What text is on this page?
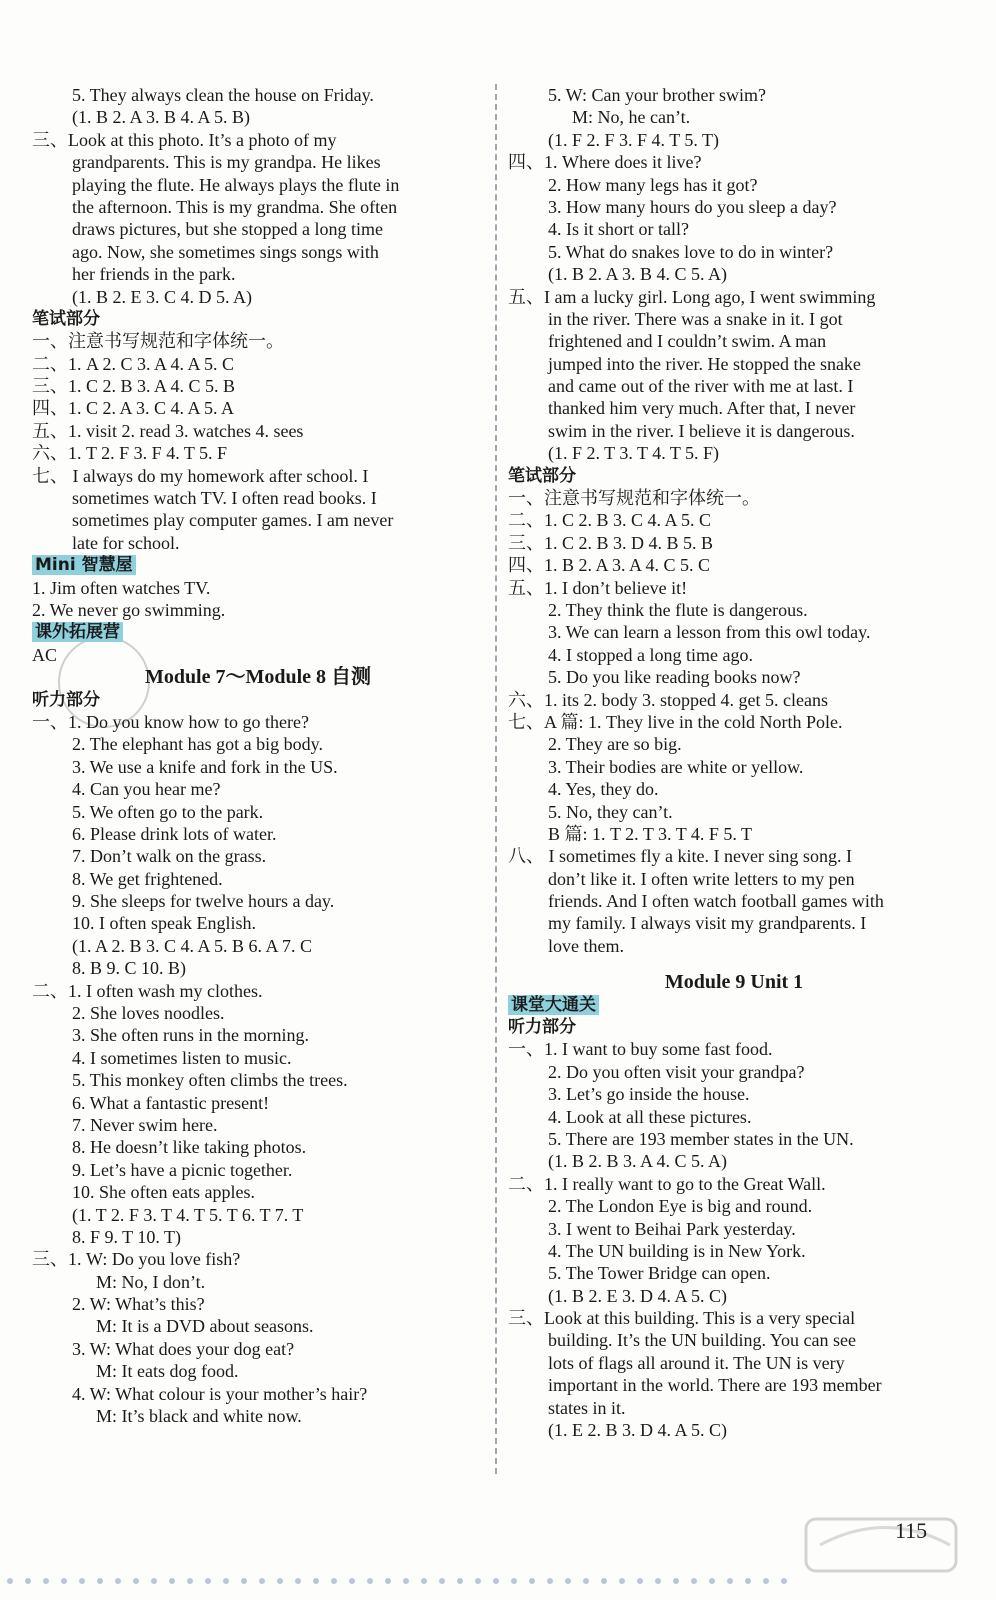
5. They always clean the house on Friday.
(1. B 2. A 3. B 4. A 5. B)
三、Look at this photo. It’s a photo of my
grandparents. This is my grandpa. He likes
playing the flute. He always plays the flute in
the afternoon. This is my grandma. She often
draws pictures, but she stopped a long time
ago. Now, she sometimes sings songs with
her friends in the park.
(1. B 2. E 3. C 4. D 5. A)
笔试部分
一、注意书写规范和字体统一。
二、1. A 2. C 3. A 4. A 5. C
三、1. C 2. B 3. A 4. C 5. B
四、1. C 2. A 3. C 4. A 5. A
五、1. visit 2. read 3. watches 4. sees
六、1. T 2. F 3. F 4. T 5. F
七、 I always do my homework after school. I
sometimes watch TV. I often read books. I
sometimes play computer games. I am never
late for school.
Mini 智慧屋
1. Jim often watches TV.
2. We never go swimming.
课外拓展营
AC
Module 7～Module 8 自测
听力部分
一、1. Do you know how to go there?
2. The elephant has got a big body.
3. We use a knife and fork in the US.
4. Can you hear me?
5. We often go to the park.
6. Please drink lots of water.
7. Don’t walk on the grass.
8. We get frightened.
9. She sleeps for twelve hours a day.
10. I often speak English.
(1. A 2. B 3. C 4. A 5. B 6. A 7. C
8. B 9. C 10. B)
二、1. I often wash my clothes.
2. She loves noodles.
3. She often runs in the morning.
4. I sometimes listen to music.
5. This monkey often climbs the trees.
6. What a fantastic present!
7. Never swim here.
8. He doesn’t like taking photos.
9. Let’s have a picnic together.
10. She often eats apples.
(1. T 2. F 3. T 4. T 5. T 6. T 7. T
8. F 9. T 10. T)
三、1. W: Do you love fish?
M: No, I don’t.
2. W: What’s this?
M: It is a DVD about seasons.
3. W: What does your dog eat?
M: It eats dog food.
4. W: What colour is your mother’s hair?
M: It’s black and white now.
5. W: Can your brother swim?
M: No, he can’t.
(1. F 2. F 3. F 4. T 5. T)
四、1. Where does it live?
2. How many legs has it got?
3. How many hours do you sleep a day?
4. Is it short or tall?
5. What do snakes love to do in winter?
(1. B 2. A 3. B 4. C 5. A)
五、I am a lucky girl. Long ago, I went swimming
in the river. There was a snake in it. I got
frightened and I couldn’t swim. A man
jumped into the river. He stopped the snake
and came out of the river with me at last. I
thanked him very much. After that, I never
swim in the river. I believe it is dangerous.
(1. F 2. T 3. T 4. T 5. F)
笔试部分
一、注意书写规范和字体统一。
二、1. C 2. B 3. C 4. A 5. C
三、1. C 2. B 3. D 4. B 5. B
四、1. B 2. A 3. A 4. C 5. C
五、1. I don’t believe it!
2. They think the flute is dangerous.
3. We can learn a lesson from this owl today.
4. I stopped a long time ago.
5. Do you like reading books now?
六、1. its 2. body 3. stopped 4. get 5. cleans
七、A 篇: 1. They live in the cold North Pole.
2. They are so big.
3. Their bodies are white or yellow.
4. Yes, they do.
5. No, they can’t.
B 篇: 1. T 2. T 3. T 4. F 5. T
八、 I sometimes fly a kite. I never sing song. I
don’t like it. I often write letters to my pen
friends. And I often watch football games with
my family. I always visit my grandparents. I
love them.
Module 9 Unit 1
课堂大通关
听力部分
一、1. I want to buy some fast food.
2. Do you often visit your grandpa?
3. Let’s go inside the house.
4. Look at all these pictures.
5. There are 193 member states in the UN.
(1. B 2. B 3. A 4. C 5. A)
二、1. I really want to go to the Great Wall.
2. The London Eye is big and round.
3. I went to Beihai Park yesterday.
4. The UN building is in New York.
5. The Tower Bridge can open.
(1. B 2. E 3. D 4. A 5. C)
三、Look at this building. This is a very special
building. It’s the UN building. You can see
lots of flags all around it. The UN is very
important in the world. There are 193 member
states in it.
(1. E 2. B 3. D 4. A 5. C)
115
